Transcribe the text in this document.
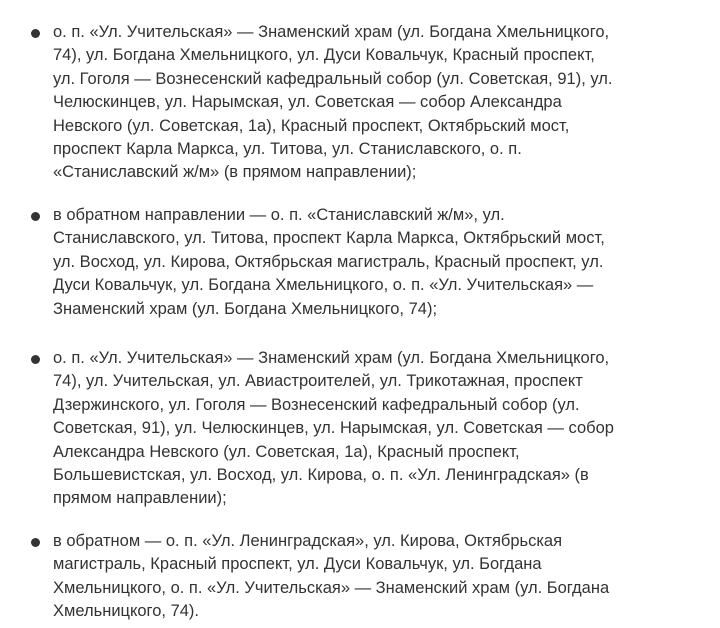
о. п. «Ул. Учительская» — Знаменский храм (ул. Богдана Хмельницкого,
74), ул. Богдана Хмельницкого, ул. Дуси Ковальчук, Красный проспект,
ул. Гоголя — Вознесенский кафедральный собор (ул. Советская, 91), ул.
Челюскинцев, ул. Нарымская, ул. Советская — собор Александра
Невского (ул. Советская, 1а), Красный проспект, Октябрьский мост,
проспект Карла Маркса, ул. Титова, ул. Станиславского, о. п.
«Станиславский ж/м» (в прямом направлении);

в обратном направлении — о. п. «Станиславский ж/м», ул.
Станиславского, ул. Титова, проспект Карла Маркса, Октябрьский мост,
ул. Восход, ул. Кирова, Октябрьская магистраль, Красный проспект, ул.
Дуси Ковальчук, ул. Богдана Хмельницкого, о. п. «Ул. Учительская» —
Знаменский храм (ул. Богдана Хмельницкого, 74);

о. п. «Ул. Учительская» — Знаменский храм (ул. Богдана Хмельницкого,
74), ул. Учительская, ул. Авиастроителей, ул. Трикотажная, проспект
Дзержинского, ул. Гоголя — Вознесенский кафедральный собор (ул.
Советская, 91), ул. Челюскинцев, ул. Нарымская, ул. Советская — собор
Александра Невского (ул. Советская, 1а), Красный проспект,
Большевистская, ул. Восход, ул. Кирова, о. п. «Ул. Ленинградская» (в
прямом направлении);

в обратном — о. п. «Ул. Ленинградская», ул. Кирова, Октябрьская
магистраль, Красный проспект, ул. Дуси Ковальчук, ул. Богдана
Хмельницкого, о. п. «Ул. Учительская» — Знаменский храм (ул. Богдана
Хмельницкого, 74).
